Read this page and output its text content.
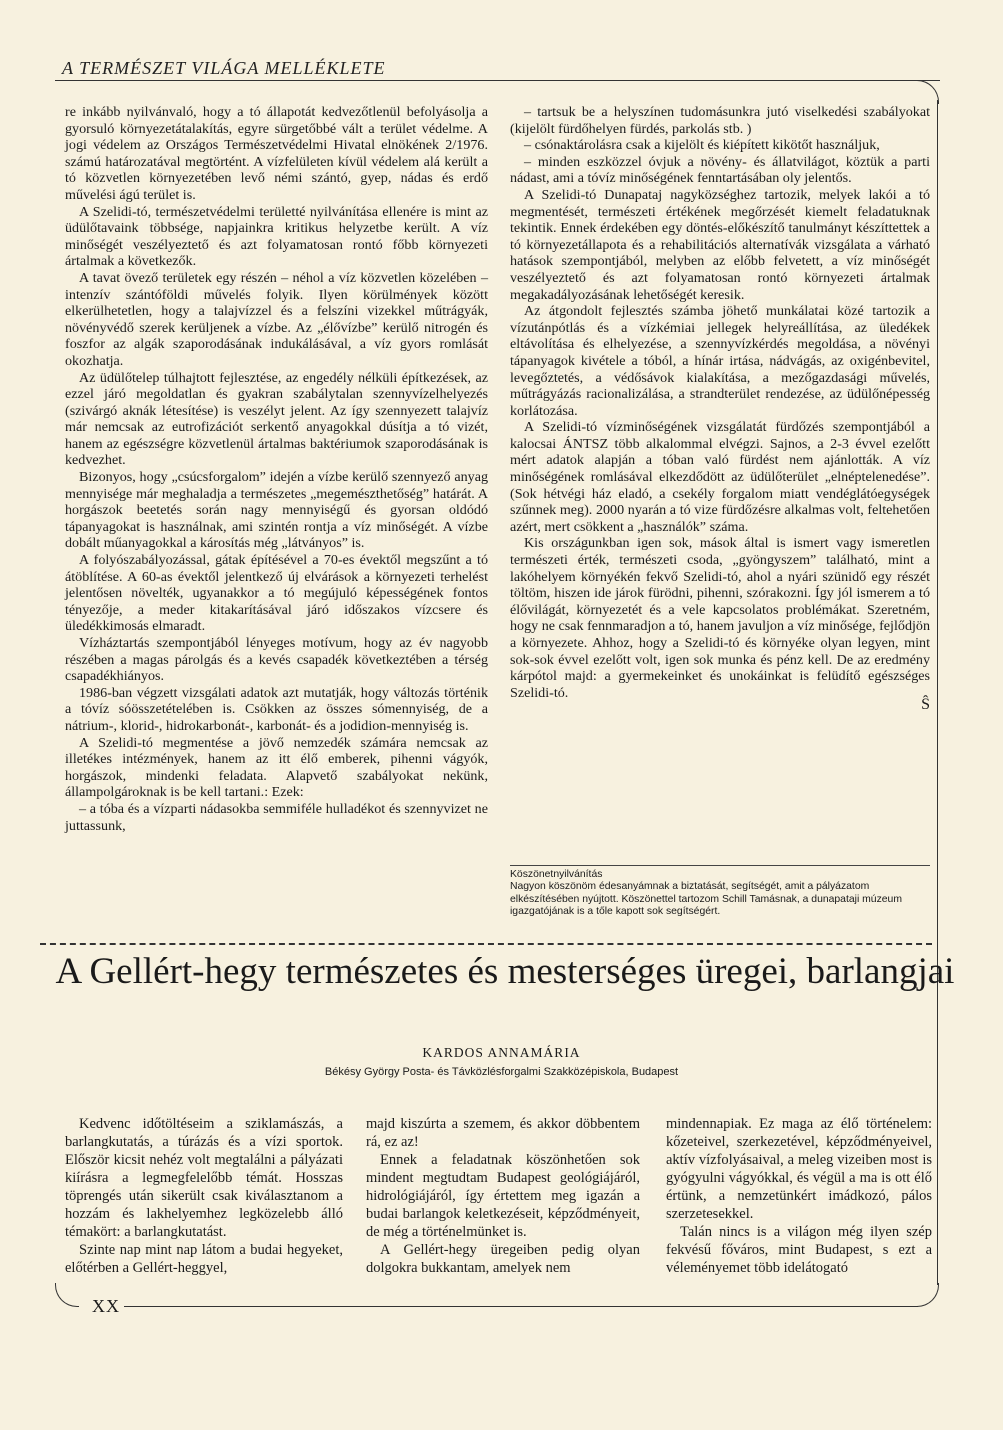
A TERMÉSZET VILÁGA MELLÉKLETE
XX

re inkább nyilvánvaló, hogy a tó állapotát kedvezőtlenül befolyásolja a gyorsuló környezetátalakítás, egyre sürgetőbbé vált a terület védelme. A jogi védelem az Országos Természetvédelmi Hivatal elnökének 2/1976. számú határozatával megtörtént. A vízfelületen kívül védelem alá került a tó közvetlen környezetében levő némi szántó, gyep, nádas és erdő művelési ágú terület is.

A Szelidi-tó, természetvédelmi területté nyilvánítása ellenére is mint az üdülőtavaink többsége, napjainkra kritikus helyzetbe került. A víz minőségét veszélyeztető és azt folyamatosan rontó főbb környezeti ártalmak a következők.

A tavat övező területek egy részén – néhol a víz közvetlen közelében – intenzív szántóföldi művelés folyik. Ilyen körülmények között elkerülhetetlen, hogy a talajvízzel és a felszíni vizekkel műtrágyák, növényvédő szerek kerüljenek a vízbe. Az „élővízbe” kerülő nitrogén és foszfor az algák szaporodásának indukálásával, a víz gyors romlását okozhatja.

Az üdülőtelep túlhajtott fejlesztése, az engedély nélküli építkezések, az ezzel járó megoldatlan és gyakran szabálytalan szennyvízelhelyezés (szivárgó aknák létesítése) is veszélyt jelent. Az így szennyezett talajvíz már nemcsak az eutrofizációt serkentő anyagokkal dúsítja a tó vizét, hanem az egészségre közvetlenül ártalmas baktériumok szaporodásának is kedvezhet.

Bizonyos, hogy „csúcsforgalom” idején a vízbe kerülő szennyező anyag mennyisége már meghaladja a természetes „megemészthetőség” határát. A horgászok beetetés során nagy mennyiségű és gyorsan oldódó tápanyagokat is használnak, ami szintén rontja a víz minőségét. A vízbe dobált műanyagokkal a károsítás még „látványos” is.

A folyószabályozással, gátak építésével a 70-es évektől megszűnt a tó átöblítése. A 60-as évektől jelentkező új elvárások a környezeti terhelést jelentősen növelték, ugyanakkor a tó megújuló képességének fontos tényezője, a meder kitakarításával járó időszakos vízcsere és üledékkimosás elmaradt.

Vízháztartás szempontjából lényeges motívum, hogy az év nagyobb részében a magas párolgás és a kevés csapadék következtében a térség csapadékhiányos.

1986-ban végzett vizsgálati adatok azt mutatják, hogy változás történik a tóvíz sóösszetételében is. Csökken az összes sómennyiség, de a nátrium-, klorid-, hidrokarbonát-, karbonát- és a jodidion-mennyiség is.

A Szelidi-tó megmentése a jövő nemzedék számára nemcsak az illetékes intézmények, hanem az itt élő emberek, pihenni vágyók, horgászok, mindenki feladata. Alapvető szabályokat nekünk, állampolgároknak is be kell tartani.: Ezek:

– a tóba és a vízparti nádasokba semmiféle hulladékot és szennyvizet ne juttassunk,

– tartsuk be a helyszínen tudomásunkra jutó viselkedési szabályokat (kijelölt fürdőhelyen fürdés, parkolás stb. )

– csónaktárolásra csak a kijelölt és kiépített kikötőt használjuk,

– minden eszközzel óvjuk a növény- és állatvilágot, köztük a parti nádast, ami a tóvíz minőségének fenntartásában oly jelentős.

A Szelidi-tó Dunapataj nagyközséghez tartozik, melyek lakói a tó megmentését, természeti értékének megőrzését kiemelt feladatuknak tekintik. Ennek érdekében egy döntés-előkészítő tanulmányt készíttettek a tó környezetállapota és a rehabilitációs alternatívák vizsgálata a várható hatások szempontjából, melyben az előbb felvetett, a víz minőségét veszélyeztető és azt folyamatosan rontó környezeti ártalmak megakadályozásának lehetőségét keresik.

Az átgondolt fejlesztés számba jöhető munkálatai közé tartozik a vízutánpótlás és a vízkémiai jellegek helyreállítása, az üledékek eltávolítása és elhelyezése, a szennyvízkérdés megoldása, a növényi tápanyagok kivétele a tóból, a hínár irtása, nádvágás, az oxigénbevitel, levegőztetés, a védősávok kialakítása, a mezőgazdasági művelés, műtrágyázás racionalizálása, a strandterület rendezése, az üdülőnépesség korlátozása.

A Szelidi-tó vízminőségének vizsgálatát fürdőzés szempontjából a kalocsai ÁNTSZ több alkalommal elvégzi. Sajnos, a 2-3 évvel ezelőtt mért adatok alapján a tóban való fürdést nem ajánlották. A víz minőségének romlásával elkezdődött az üdülőterület „elnéptelenedése”. (Sok hétvégi ház eladó, a csekély forgalom miatt vendéglátóegységek szűnnek meg). 2000 nyarán a tó vize fürdőzésre alkalmas volt, feltehetően azért, mert csökkent a „használók” száma.

Kis országunkban igen sok, mások által is ismert vagy ismeretlen természeti érték, természeti csoda, „gyöngyszem” található, mint a lakóhelyem környékén fekvő Szelidi-tó, ahol a nyári szünidő egy részét töltöm, hiszen ide járok fürödni, pihenni, szórakozni. Így jól ismerem a tó élővilágát, környezetét és a vele kapcsolatos problémákat. Szeretném, hogy ne csak fennmaradjon a tó, hanem javuljon a víz minősége, fejlődjön a környezete. Ahhoz, hogy a Szelidi-tó és környéke olyan legyen, mint sok-sok évvel ezelőtt volt, igen sok munka és pénz kell. De az eredmény kárpótol majd: a gyermekeinket és unokáinkat is felüdítő egészséges Szelidi-tó.

Ŝ
Köszönetnyilvánítás
Nagyon köszönöm édesanyámnak a biztatását, segítségét, amit a pályázatom elkészítésében nyújtott. Köszönettel tartozom Schill Tamásnak, a dunapataji múzeum igazgatójának is a tőle kapott sok segítségért.
A Gellért-hegy természetes és mesterséges üregei, barlangjai
KARDOS ANNAMÁRIA
Békésy György Posta- és Távközlésforgalmi Szakközépiskola, Budapest

Kedvenc időtöltéseim a sziklamászás, a barlangkutatás, a túrázás és a vízi sportok. Először kicsit nehéz volt megtalálni a pályázati kiírásra a legmegfelelőbb témát. Hosszas töprengés után sikerült csak kiválasztanom a hozzám és lakhelyemhez legközelebb álló témakört: a barlangkutatást.

Szinte nap mint nap látom a budai hegyeket, előtérben a Gellért-heggyel,

majd kiszúrta a szemem, és akkor döbbentem rá, ez az!

Ennek a feladatnak köszönhetően sok mindent megtudtam Budapest geológiájáról, hidrológiájáról, így értettem meg igazán a budai barlangok keletkezéseit, képződményeit, de még a történelmünket is.

A Gellért-hegy üregeiben pedig olyan dolgokra bukkantam, amelyek nem

mindennapiak. Ez maga az élő történelem: kőzeteivel, szerkezetével, képződményeivel, aktív vízfolyásaival, a meleg vizeiben most is gyógyulni vágyókkal, és végül a ma is ott élő értünk, a nemzetünkért imádkozó, pálos szerzetesekkel.

Talán nincs is a világon még ilyen szép fekvésű főváros, mint Budapest, s ezt a véleményemet több idelátogató
